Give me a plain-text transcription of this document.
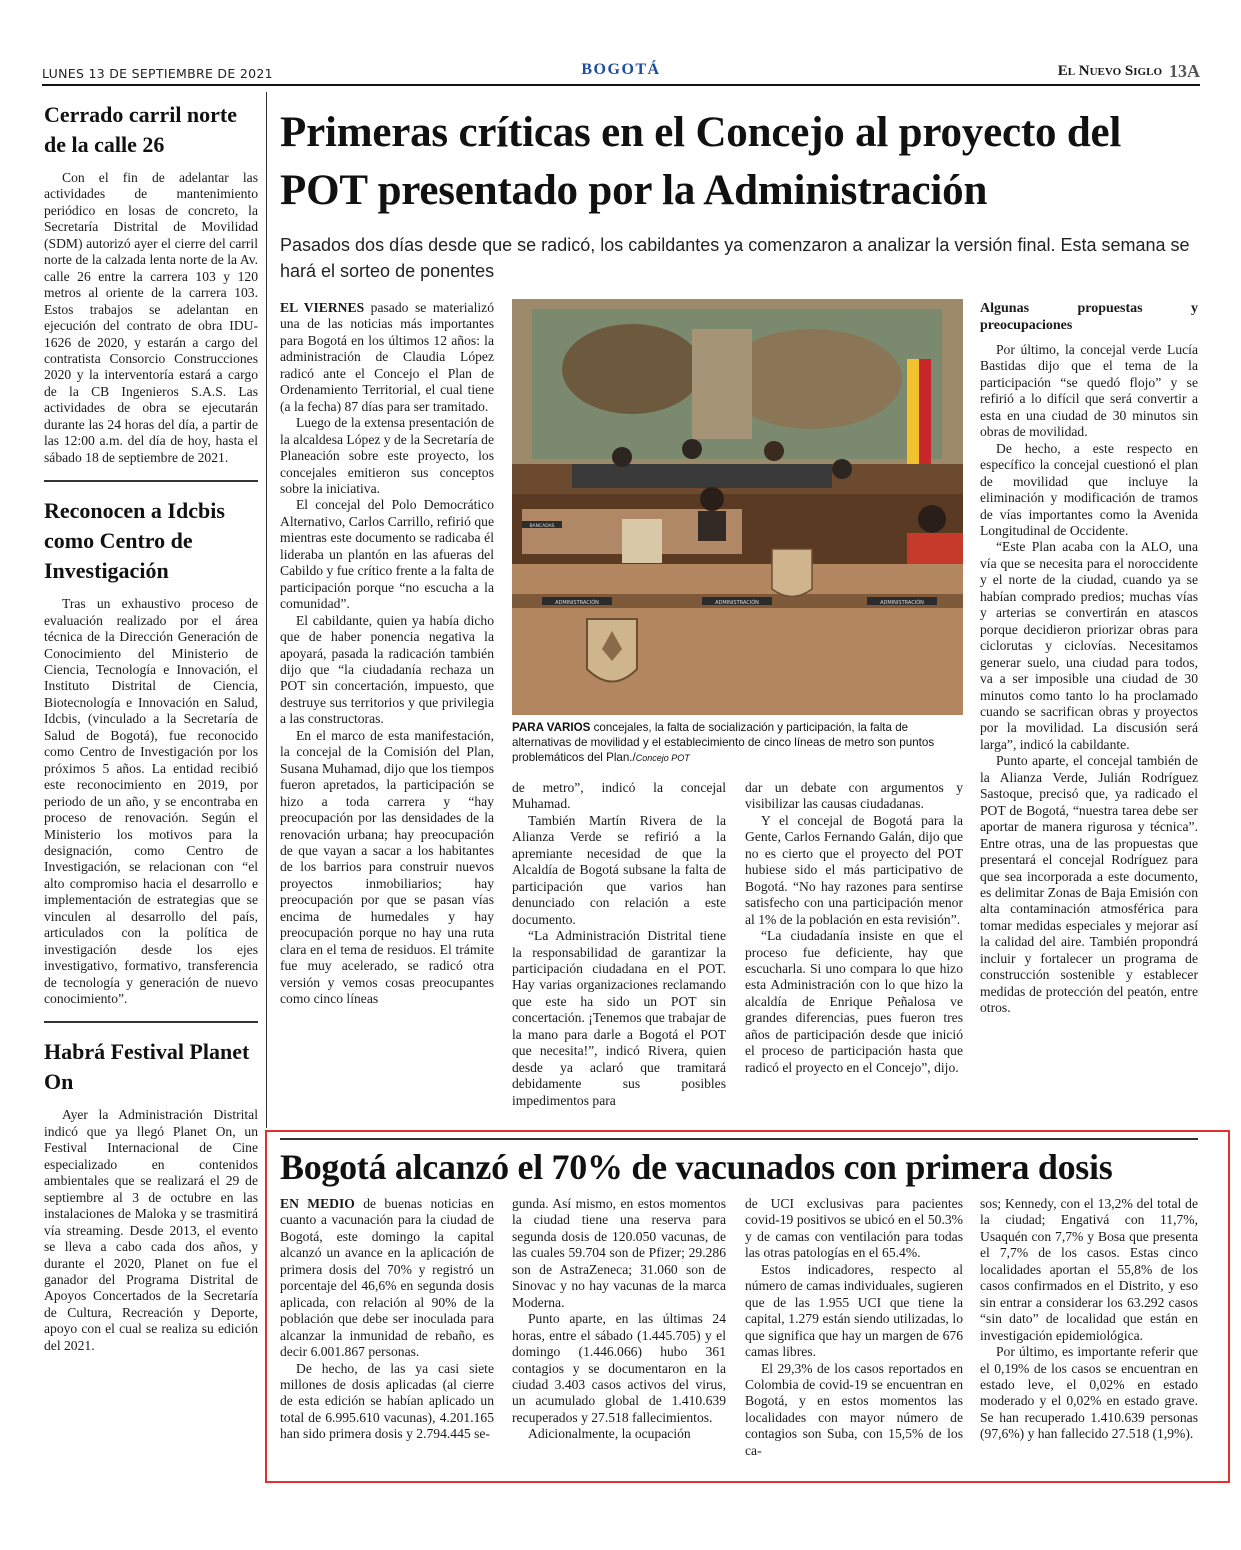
LUNES 13 DE SEPTIEMBRE DE 2021	BOGOTÁ	El Nuevo Siglo 13A
Cerrado carril norte de la calle 26

Con el fin de adelantar las actividades de mantenimiento periódico en losas de concreto, la Secretaría Distrital de Movilidad (SDM) autorizó ayer el cierre del carril norte de la calzada lenta norte de la Av. calle 26 entre la carrera 103 y 120 metros al oriente de la carrera 103. Estos trabajos se adelantan en ejecución del contrato de obra IDU-1626 de 2020, y estarán a cargo del contratista Consorcio Construcciones 2020 y la interventoría estará a cargo de la CB Ingenieros S.A.S. Las actividades de obra se ejecutarán durante las 24 horas del día, a partir de las 12:00 a.m. del día de hoy, hasta el sábado 18 de septiembre de 2021.

Reconocen a Idcbis como Centro de Investigación

Tras un exhaustivo proceso de evaluación realizado por el área técnica de la Dirección Generación de Conocimiento del Ministerio de Ciencia, Tecnología e Innovación, el Instituto Distrital de Ciencia, Biotecnología e Innovación en Salud, Idcbis, (vinculado a la Secretaría de Salud de Bogotá), fue reconocido como Centro de Investigación por los próximos 5 años. La entidad recibió este reconocimiento en 2019, por periodo de un año, y se encontraba en proceso de renovación. Según el Ministerio los motivos para la designación, como Centro de Investigación, se relacionan con “el alto compromiso hacia el desarrollo e implementación de estrategias que se vinculen al desarrollo del país, articulados con la política de investigación desde los ejes investigativo, formativo, transferencia de tecnología y generación de nuevo conocimiento”.

Habrá Festival Planet On

Ayer la Administración Distrital indicó que ya llegó Planet On, un Festival Internacional de Cine especializado en contenidos ambientales que se realizará el 29 de septiembre al 3 de octubre en las instalaciones de Maloka y se trasmitirá vía streaming. Desde 2013, el evento se lleva a cabo cada dos años, y durante el 2020, Planet on fue el ganador del Programa Distrital de Apoyos Concertados de la Secretaría de Cultura, Recreación y Deporte, apoyo con el cual se realiza su edición del 2021.

Primeras críticas en el Concejo al proyecto del POT presentado por la Administración
Pasados dos días desde que se radicó, los cabildantes ya comenzaron a analizar la versión final. Esta semana se hará el sorteo de ponentes

EL VIERNES pasado se materializó una de las noticias más importantes para Bogotá en los últimos 12 años: la administración de Claudia López radicó ante el Concejo el Plan de Ordenamiento Territorial, el cual tiene (a la fecha) 87 días para ser tramitado.

Luego de la extensa presentación de la alcaldesa López y de la Secretaría de Planeación sobre este proyecto, los concejales emitieron sus conceptos sobre la iniciativa.

El concejal del Polo Democrático Alternativo, Carlos Carrillo, refirió que mientras este documento se radicaba él lideraba un plantón en las afueras del Cabildo y fue crítico frente a la falta de participación porque “no escucha a la comunidad”.

El cabildante, quien ya había dicho que de haber ponencia negativa la apoyará, pasada la radicación también dijo que “la ciudadanía rechaza un POT sin concertación, impuesto, que destruye sus territorios y que privilegia a las constructoras.

En el marco de esta manifestación, la concejal de la Comisión del Plan, Susana Muhamad, dijo que los tiempos fueron apretados, la participación se hizo a toda carrera y “hay preocupación por las densidades de la renovación urbana; hay preocupación de que vayan a sacar a los habitantes de los barrios para construir nuevos proyectos inmobiliarios; hay preocupación por que se pasan vías encima de humedales y hay preocupación porque no hay una ruta clara en el tema de residuos. El trámite fue muy acelerado, se radicó otra versión y vemos cosas preocupantes como cinco líneas

ADMINISTRACIÓN	ADMINISTRACIÓN	ADMINISTRACIÓN
BANCADAS
PARA VARIOS concejales, la falta de socialización y participación, la falta de alternativas de movilidad y el establecimiento de cinco líneas de metro son puntos problemáticos del Plan./Concejo POT

de metro”, indicó la concejal Muhamad.

También Martín Rivera de la Alianza Verde se refirió a la apremiante necesidad de que la Alcaldía de Bogotá subsane la falta de participación que varios han denunciado con relación a este documento.

“La Administración Distrital tiene la responsabilidad de garantizar la participación ciudadana en el POT. Hay varias organizaciones reclamando que este ha sido un POT sin concertación. ¡Tenemos que trabajar de la mano para darle a Bogotá el POT que necesita!”, indicó Rivera, quien desde ya aclaró que tramitará debidamente sus posibles impedimentos para

dar un debate con argumentos y visibilizar las causas ciudadanas.

Y el concejal de Bogotá para la Gente, Carlos Fernando Galán, dijo que no es cierto que el proyecto del POT hubiese sido el más participativo de Bogotá. “No hay razones para sentirse satisfecho con una participación menor al 1% de la población en esta revisión”.

“La ciudadanía insiste en que el proceso fue deficiente, hay que escucharla. Si uno compara lo que hizo esta Administración con lo que hizo la alcaldía de Enrique Peñalosa ve grandes diferencias, pues fueron tres años de participación desde que inició el proceso de participación hasta que radicó el proyecto en el Concejo”, dijo.

Algunas propuestas y preocupaciones

Por último, la concejal verde Lucía Bastidas dijo que el tema de la participación “se quedó flojo” y se refirió a lo difícil que será convertir a esta en una ciudad de 30 minutos sin obras de movilidad.

De hecho, a este respecto en específico la concejal cuestionó el plan de movilidad que incluye la eliminación y modificación de tramos de vías importantes como la Avenida Longitudinal de Occidente.

“Este Plan acaba con la ALO, una vía que se necesita para el noroccidente y el norte de la ciudad, cuando ya se habían comprado predios; muchas vías y arterias se convertirán en atascos porque decidieron priorizar obras para ciclorutas y ciclovías. Necesitamos generar suelo, una ciudad para todos, va a ser imposible una ciudad de 30 minutos como tanto lo ha proclamado cuando se sacrifican obras y proyectos por la movilidad. La discusión será larga”, indicó la cabildante.

Punto aparte, el concejal también de la Alianza Verde, Julián Rodríguez Sastoque, precisó que, ya radicado el POT de Bogotá, “nuestra tarea debe ser aportar de manera rigurosa y técnica”. Entre otras, una de las propuestas que presentará el concejal Rodríguez para que sea incorporada a este documento, es delimitar Zonas de Baja Emisión con alta contaminación atmosférica para tomar medidas especiales y mejorar así la calidad del aire. También propondrá incluir y fortalecer un programa de construcción sostenible y establecer medidas de protección del peatón, entre otros.

Bogotá alcanzó el 70% de vacunados con primera dosis

EN MEDIO de buenas noticias en cuanto a vacunación para la ciudad de Bogotá, este domingo la capital alcanzó un avance en la aplicación de primera dosis del 70% y registró un porcentaje del 46,6% en segunda dosis aplicada, con relación al 90% de la población que debe ser inoculada para alcanzar la inmunidad de rebaño, es decir 6.001.867 personas.

De hecho, de las ya casi siete millones de dosis aplicadas (al cierre de esta edición se habían aplicado un total de 6.995.610 vacunas), 4.201.165 han sido primera dosis y 2.794.445 se-

gunda. Así mismo, en estos momentos la ciudad tiene una reserva para segunda dosis de 120.050 vacunas, de las cuales 59.704 son de Pfizer; 29.286 son de AstraZeneca; 31.060 son de Sinovac y no hay vacunas de la marca Moderna.

Punto aparte, en las últimas 24 horas, entre el sábado (1.445.705) y el domingo (1.446.066) hubo 361 contagios y se documentaron en la ciudad 3.403 casos activos del virus, un acumulado global de 1.410.639 recuperados y 27.518 fallecimientos.

Adicionalmente, la ocupación

de UCI exclusivas para pacientes covid-19 positivos se ubicó en el 50.3% y de camas con ventilación para todas las otras patologías en el 65.4%.

Estos indicadores, respecto al número de camas individuales, sugieren que de las 1.955 UCI que tiene la capital, 1.279 están siendo utilizadas, lo que significa que hay un margen de 676 camas libres.

El 29,3% de los casos reportados en Colombia de covid-19 se encuentran en Bogotá, y en estos momentos las localidades con mayor número de contagios son Suba, con 15,5% de los ca-

sos; Kennedy, con el 13,2% del total de la ciudad; Engativá con 11,7%, Usaquén con 7,7% y Bosa que presenta el 7,7% de los casos. Estas cinco localidades aportan el 55,8% de los casos confirmados en el Distrito, y eso sin entrar a considerar los 63.292 casos “sin dato” de localidad que están en investigación epidemiológica.

Por último, es importante referir que el 0,19% de los casos se encuentran en estado leve, el 0,02% en estado moderado y el 0,02% en estado grave. Se han recuperado 1.410.639 personas (97,6%) y han fallecido 27.518 (1,9%).
